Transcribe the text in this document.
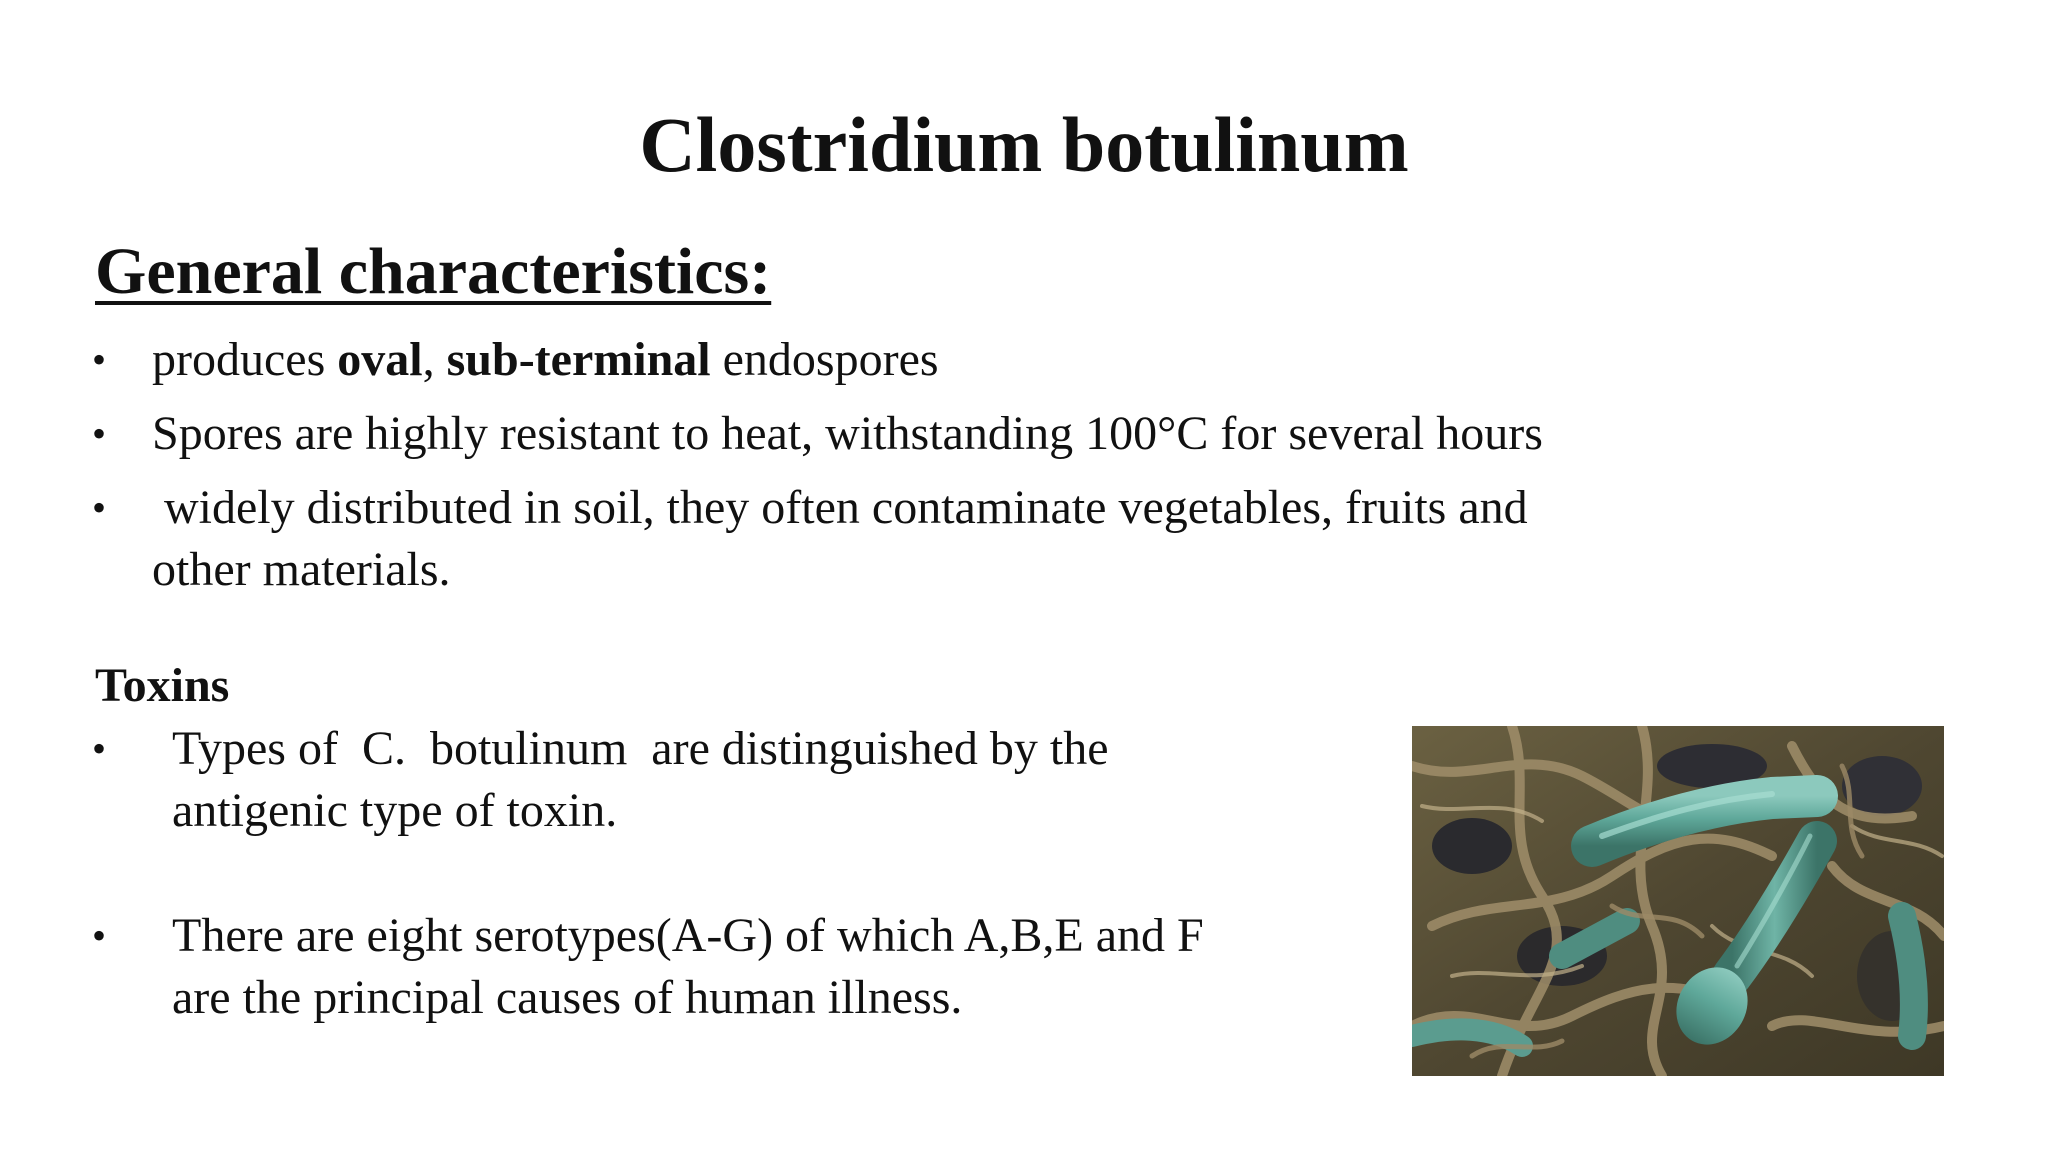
Clostridium botulinum
General characteristics:
• produces oval, sub-terminal endospores
• Spores are highly resistant to heat, withstanding 100°C for several hours
• widely distributed in soil, they often contaminate vegetables, fruits and
other materials.
Toxins
• Types of  C.  botulinum  are distinguished by the
antigenic type of toxin.
• There are eight serotypes(A-G) of which A,B,E and F
are the principal causes of human illness.
